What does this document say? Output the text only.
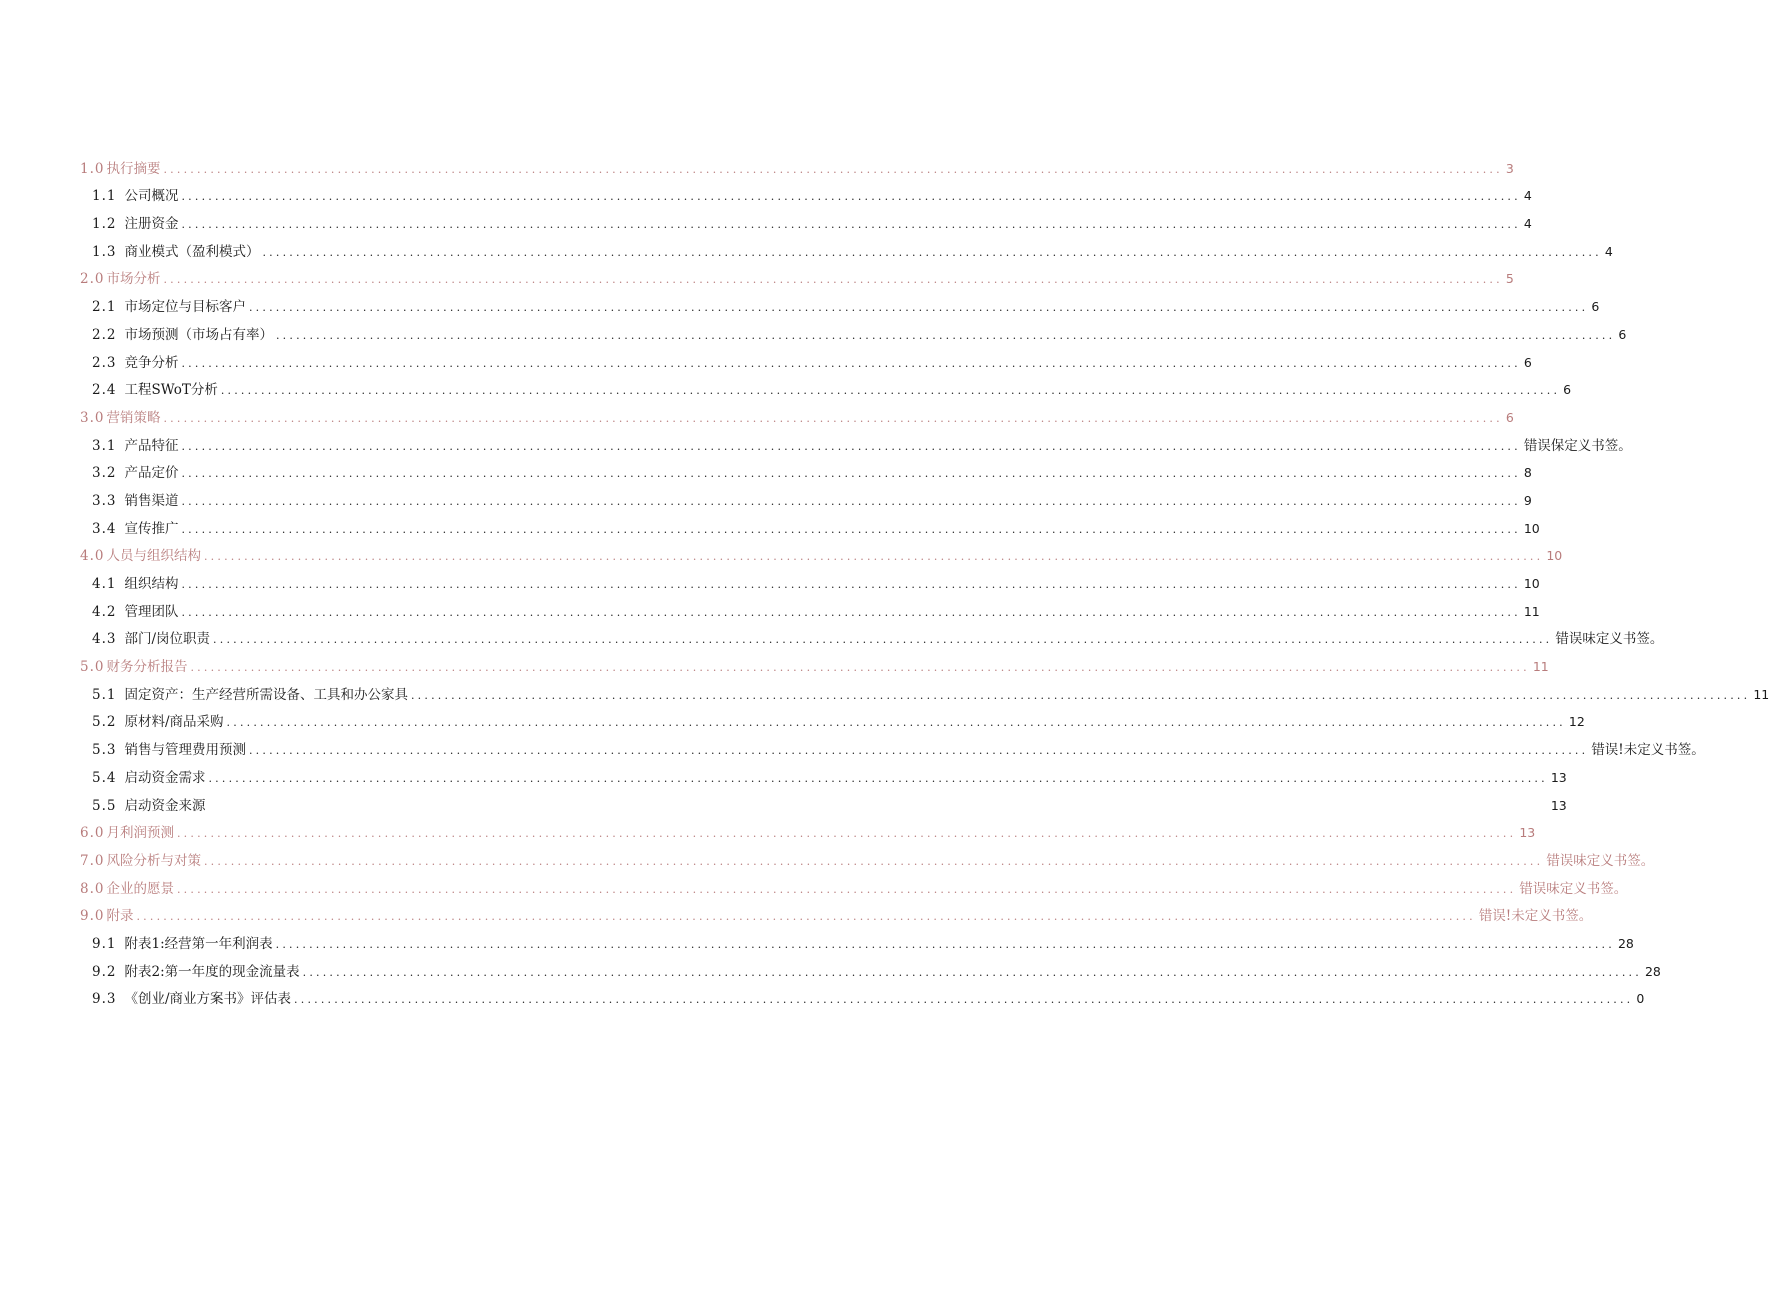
1.0 执行摘要 ........................................................................................................................................................................................................ 3
1.1 公司概况 ........................................................................................................................................................................................................ 4
1.2 注册资金 ........................................................................................................................................................................................................ 4
1.3 商业模式（盈利模式） ........................................................................................................................................................................................................ 4
2.0 市场分析 ........................................................................................................................................................................................................ 5
2.1 市场定位与目标客户 ........................................................................................................................................................................................................ 6
2.2 市场预测（市场占有率） ........................................................................................................................................................................................................ 6
2.3 竞争分析 ........................................................................................................................................................................................................ 6
2.4 工程SWoT分析 ........................................................................................................................................................................................................ 6
3.0 营销策略 ........................................................................................................................................................................................................ 6
3.1 产品特征 ........................................................................................................................................................................................................ 错误保定义书签。
3.2 产品定价 ........................................................................................................................................................................................................ 8
3.3 销售渠道 ........................................................................................................................................................................................................ 9
3.4 宣传推广 ........................................................................................................................................................................................................ 10
4.0 人员与组织结构 ........................................................................................................................................................................................................ 10
4.1 组织结构 ........................................................................................................................................................................................................ 10
4.2 管理团队 ........................................................................................................................................................................................................ 11
4.3 部门/岗位职责 ........................................................................................................................................................................................................ 错误味定义书签。
5.0 财务分析报告 ........................................................................................................................................................................................................ 11
5.1 固定资产：生产经营所需设备、工具和办公家具 ........................................................................................................................................................................................................ 11
5.2 原材料/商品采购 ........................................................................................................................................................................................................ 12
5.3 销售与管理费用预测 ........................................................................................................................................................................................................ 错误!未定义书签。
5.4 启动资金需求 ........................................................................................................................................................................................................ 13
5.5 启动资金来源	13
6.0 月利润预测 ........................................................................................................................................................................................................ 13
7.0 风险分析与对策 ........................................................................................................................................................................................................ 错误味定义书签。
8.0 企业的愿景 ........................................................................................................................................................................................................ 错误味定义书签。
9.0 附录 ........................................................................................................................................................................................................ 错误!未定义书签。
9.1 附表1:经营第一年利润表 ........................................................................................................................................................................................................ 28
9.2 附表2:第一年度的现金流量表 ........................................................................................................................................................................................................ 28
9.3 《创业/商业方案书》评估表 ........................................................................................................................................................................................................ 0
